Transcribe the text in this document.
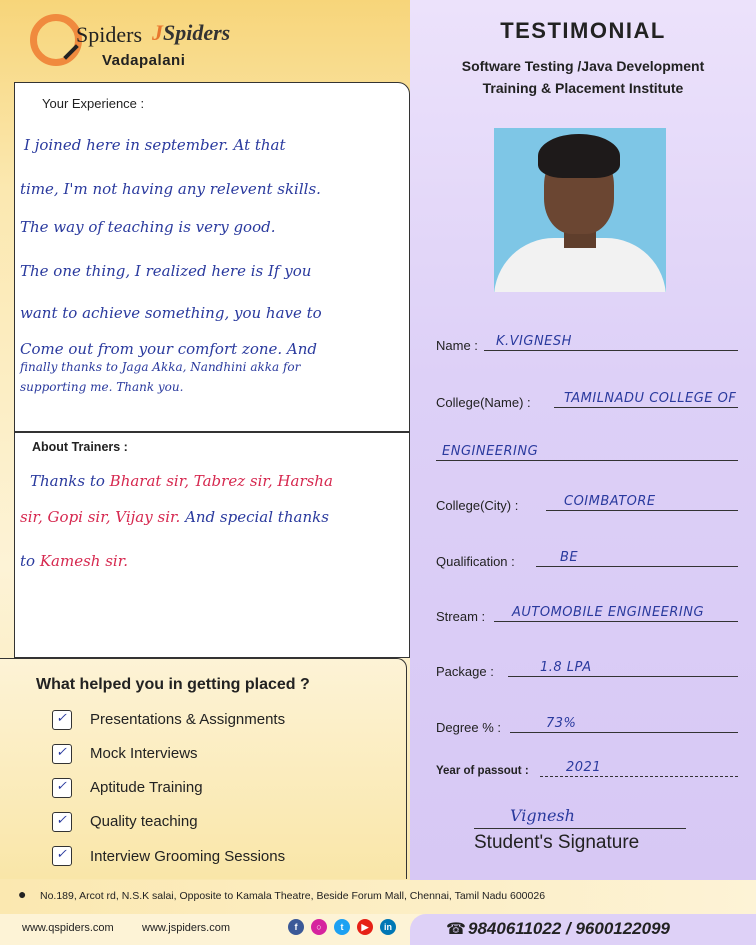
Spiders JSpiders
Vadapalani
Your Experience :
I joined here in september. At that
time, I'm not having any relevent skills.
The way of teaching is very good.
The one thing, I realized here is If you
want to achieve something, you have to
Come out from your comfort zone. And
finally thanks to Jaga Akka, Nandhini akka for
supporting me. Thank you.
About Trainers :
Thanks to Bharat sir, Tabrez sir, Harsha
sir, Gopi sir, Vijay sir. And special thanks
to Kamesh sir.
What helped you in getting placed ?
✓ Presentations & Assignments
✓ Mock Interviews
✓ Aptitude Training
✓ Quality teaching
✓ Interview Grooming Sessions
TESTIMONIAL
Software Testing /Java Development
Training & Placement Institute
Name : K.VIGNESH
College(Name) :	TAMILNADU COLLEGE OF
ENGINEERING
College(City) :	COIMBATORE
Qualification :	BE
Stream : AUTOMOBILE ENGINEERING
Package :	1.8 LPA
Degree % :	73%
Year of passout :	2021
Vignesh
Student's Signature
● No.189, Arcot rd, N.S.K salai, Opposite to Kamala Theatre, Beside Forum Mall, Chennai, Tamil Nadu 600026
www.qspiders.com	www.jspiders.com	f	○	t	▶	in	☎ 9840611022 / 9600122099
